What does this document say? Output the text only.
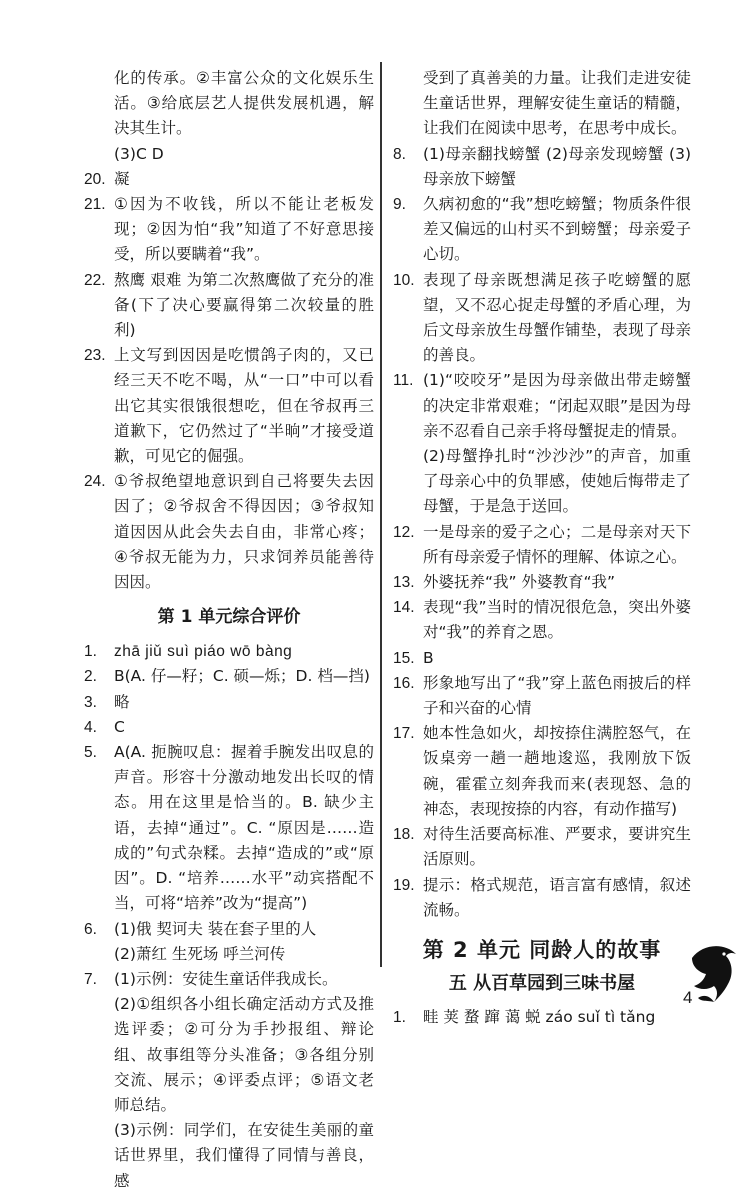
化的传承。②丰富公众的文化娱乐生活。③给底层艺人提供发展机遇，解决其生计。
(3)C D
20. 凝
21. ①因为不收钱，所以不能让老板发现；②因为怕“我”知道了不好意思接受，所以要瞒着“我”。
22. 熬鹰 艰难 为第二次熬鹰做了充分的准备(下了决心要赢得第二次较量的胜利)
23. 上文写到因因是吃惯鸽子肉的，又已经三天不吃不喝，从“一口”中可以看出它其实很饿很想吃，但在爷叔再三道歉下，它仍然过了“半晌”才接受道歉，可见它的倔强。
24. ①爷叔绝望地意识到自己将要失去因因了；②爷叔舍不得因因；③爷叔知道因因从此会失去自由，非常心疼；④爷叔无能为力，只求饲养员能善待因因。
第 1 单元综合评价
1.	zhā jiǔ suì piáo wō bàng
2.	B(A. 仔—籽；C. 硕—烁；D. 档—挡)
3.	略
4.	C
5.	A(A. 扼腕叹息：握着手腕发出叹息的声音。形容十分激动地发出长叹的情态。用在这里是恰当的。B. 缺少主语，去掉“通过”。C. “原因是……造成的”句式杂糅。去掉“造成的”或“原因”。D. “培养……水平”动宾搭配不当，可将“培养”改为“提高”)
6.	(1)俄 契诃夫 装在套子里的人
(2)萧红 生死场 呼兰河传
7.	(1)示例：安徒生童话伴我成长。
(2)①组织各小组长确定活动方式及推选评委；②可分为手抄报组、辩论组、故事组等分头准备；③各组分别交流、展示；④评委点评；⑤语文老师总结。
(3)示例：同学们，在安徒生美丽的童话世界里，我们懂得了同情与善良，感
受到了真善美的力量。让我们走进安徒生童话世界，理解安徒生童话的精髓，让我们在阅读中思考，在思考中成长。
8.	(1)母亲翻找螃蟹 (2)母亲发现螃蟹 (3)母亲放下螃蟹
9.	久病初愈的“我”想吃螃蟹；物质条件很差又偏远的山村买不到螃蟹；母亲爱子心切。
10. 表现了母亲既想满足孩子吃螃蟹的愿望，又不忍心捉走母蟹的矛盾心理，为后文母亲放生母蟹作铺垫，表现了母亲的善良。
11. (1)“咬咬牙”是因为母亲做出带走螃蟹的决定非常艰难；“闭起双眼”是因为母亲不忍看自己亲手将母蟹捉走的情景。
(2)母蟹挣扎时“沙沙沙”的声音，加重了母亲心中的负罪感，使她后悔带走了母蟹，于是急于送回。
12. 一是母亲的爱子之心；二是母亲对天下所有母亲爱子情怀的理解、体谅之心。
13. 外婆抚养“我” 外婆教育“我”
14. 表现“我”当时的情况很危急，突出外婆对“我”的养育之恩。
15. B
16. 形象地写出了“我”穿上蓝色雨披后的样子和兴奋的心情
17. 她本性急如火，却按捺住满腔怒气，在饭桌旁一趟一趟地逡巡，我刚放下饭碗，霍霍立刻奔我而来(表现怒、急的神态，表现按捺的内容，有动作描写)
18. 对待生活要高标准、严要求，要讲究生活原则。
19. 提示：格式规范，语言富有感情，叙述流畅。
第 2 单元 同龄人的故事
五 从百草园到三味书屋
1.	畦 荚 蝥 蹿 蔼 蜕 záo suǐ tì tǎng
4
